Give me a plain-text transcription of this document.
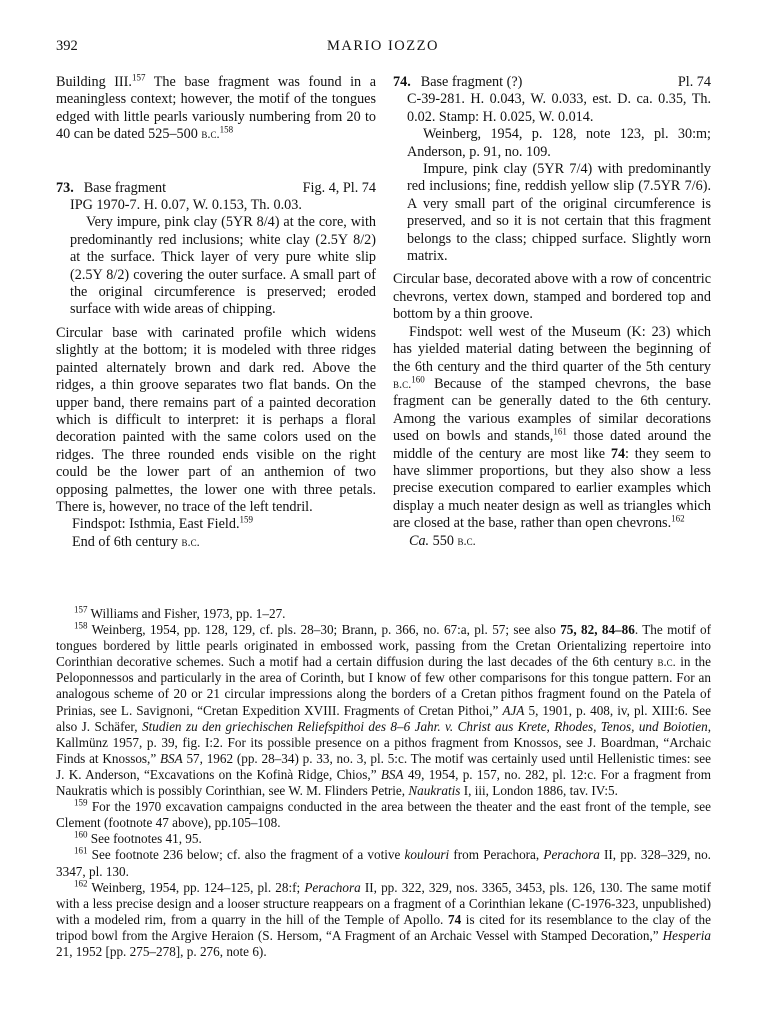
392	MARIO IOZZO

Building III.$^{157}$ The base fragment was found in a meaningless context; however, the motif of the tongues edged with little pearls variously numbering from 20 to 40 can be dated 525–500 b.c.$^{158}$

73. Base fragment	Fig. 4, Pl. 74

IPG 1970-7. H. 0.07, W. 0.153, Th. 0.03.

Very impure, pink clay (5YR 8/4) at the core, with predominantly red inclusions; white clay (2.5Y 8/2) at the surface. Thick layer of very pure white slip (2.5Y 8/2) covering the outer surface. A small part of the original circumference is preserved; eroded surface with wide areas of chipping.

Circular base with carinated profile which widens slightly at the bottom; it is modeled with three ridges painted alternately brown and dark red. Above the ridges, a thin groove separates two flat bands. On the upper band, there remains part of a painted decoration which is difficult to interpret: it is perhaps a floral decoration painted with the same colors used on the ridges. The three rounded ends visible on the right could be the lower part of an anthemion of two opposing palmettes, the lower one with three petals. There is, however, no trace of the left tendril.

Findspot: Isthmia, East Field.$^{159}$

End of 6th century b.c.

74. Base fragment (?)	Pl. 74

C-39-281. H. 0.043, W. 0.033, est. D. ca. 0.35, Th. 0.02. Stamp: H. 0.025, W. 0.014.

Weinberg, 1954, p. 128, note 123, pl. 30:m; Anderson, p. 91, no. 109.

Impure, pink clay (5YR 7/4) with predominantly red inclusions; fine, reddish yellow slip (7.5YR 7/6). A very small part of the original circumference is preserved, and so it is not certain that this fragment belongs to the class; chipped surface. Slightly worn matrix.

Circular base, decorated above with a row of concentric chevrons, vertex down, stamped and bordered top and bottom by a thin groove.

Findspot: well west of the Museum (K: 23) which has yielded material dating between the beginning of the 6th century and the third quarter of the 5th century b.c.$^{160}$ Because of the stamped chevrons, the base fragment can be generally dated to the 6th century. Among the various examples of similar decorations used on bowls and stands,$^{161}$ those dated around the middle of the century are most like 74: they seem to have slimmer proportions, but they also show a less precise execution compared to earlier examples which display a much neater design as well as triangles which are closed at the base, rather than open chevrons.$^{162}$

Ca. 550 b.c.

$^{157}$ Williams and Fisher, 1973, pp. 1–27.

$^{158}$ Weinberg, 1954, pp. 128, 129, cf. pls. 28–30; Brann, p. 366, no. 67:a, pl. 57; see also 75, 82, 84–86. The motif of tongues bordered by little pearls originated in embossed work, passing from the Cretan Orientalizing repertoire into Corinthian decorative schemes. Such a motif had a certain diffusion during the last decades of the 6th century b.c. in the Peloponnessos and particularly in the area of Corinth, but I know of few other comparisons for this tongue pattern. For an analogous scheme of 20 or 21 circular impressions along the borders of a Cretan pithos fragment found on the Patela of Prinias, see L. Savignoni, “Cretan Expedition XVIII. Fragments of Cretan Pithoi,” AJA 5, 1901, p. 408, iv, pl. XIII:6. See also J. Schäfer, Studien zu den griechischen Reliefspithoi des 8–6 Jahr. v. Christ aus Krete, Rhodes, Tenos, und Boiotien, Kallmünz 1957, p. 39, fig. I:2. For its possible presence on a pithos fragment from Knossos, see J. Boardman, “Archaic Finds at Knossos,” BSA 57, 1962 (pp. 28–34) p. 33, no. 3, pl. 5:c. The motif was certainly used until Hellenistic times: see J. K. Anderson, “Excavations on the Kofinà Ridge, Chios,” BSA 49, 1954, p. 157, no. 282, pl. 12:c. For a fragment from Naukratis which is possibly Corinthian, see W. M. Flinders Petrie, Naukratis I, iii, London 1886, tav. IV:5.

$^{159}$ For the 1970 excavation campaigns conducted in the area between the theater and the east front of the temple, see Clement (footnote 47 above), pp.105–108.

$^{160}$ See footnotes 41, 95.

$^{161}$ See footnote 236 below; cf. also the fragment of a votive koulouri from Perachora, Perachora II, pp. 328–329, no. 3347, pl. 130.

$^{162}$ Weinberg, 1954, pp. 124–125, pl. 28:f; Perachora II, pp. 322, 329, nos. 3365, 3453, pls. 126, 130. The same motif with a less precise design and a looser structure reappears on a fragment of a Corinthian lekane (C-1976-323, unpublished) with a modeled rim, from a quarry in the hill of the Temple of Apollo. 74 is cited for its resemblance to the clay of the tripod bowl from the Argive Heraion (S. Hersom, “A Fragment of an Archaic Vessel with Stamped Decoration,” Hesperia 21, 1952 [pp. 275–278], p. 276, note 6).
